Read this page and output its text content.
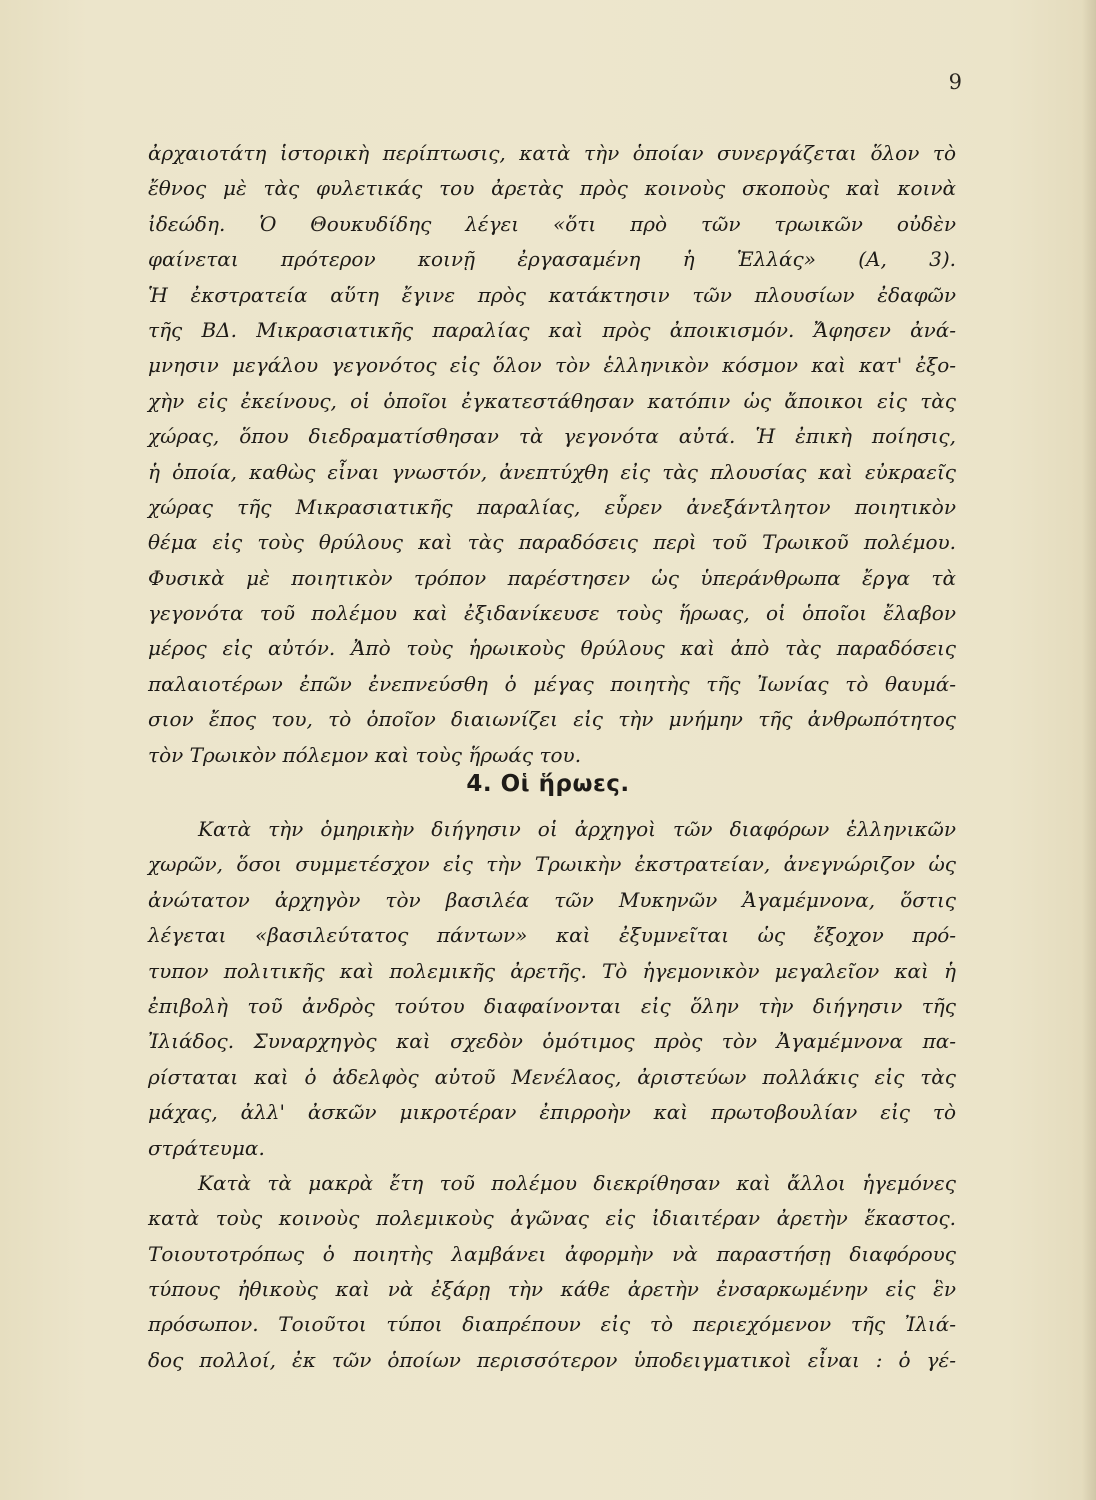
9
ἀρχαιοτάτη ἱστορικὴ περίπτωσις, κατὰ τὴν ὁποίαν συνεργάζεται ὅλον τὸ
ἔθνος μὲ τὰς φυλετικάς του ἀρετὰς πρὸς κοινοὺς σκοποὺς καὶ κοινὰ
ἰδεώδη. Ὁ Θουκυδίδης λέγει «ὅτι πρὸ τῶν τρωικῶν οὐδὲν
φαίνεται πρότερον κοινῇ ἐργασαμένη ἡ Ἑλλάς» (Α, 3).
Ἡ ἐκστρατεία αὕτη ἔγινε πρὸς κατάκτησιν τῶν πλουσίων ἐδαφῶν
τῆς ΒΔ. Μικρασιατικῆς παραλίας καὶ πρὸς ἀποικισμόν. Ἄφησεν ἀνά-
μνησιν μεγάλου γεγονότος εἰς ὅλον τὸν ἑλληνικὸν κόσμον καὶ κατ' ἐξο-
χὴν εἰς ἐκείνους, οἱ ὁποῖοι ἐγκατεστάθησαν κατόπιν ὡς ἄποικοι εἰς τὰς
χώρας, ὅπου διεδραματίσθησαν τὰ γεγονότα αὐτά. Ἡ ἐπικὴ ποίησις,
ἡ ὁποία, καθὼς εἶναι γνωστόν, ἀνεπτύχθη εἰς τὰς πλουσίας καὶ εὐκραεῖς
χώρας τῆς Μικρασιατικῆς παραλίας, εὗρεν ἀνεξάντλητον ποιητικὸν
θέμα εἰς τοὺς θρύλους καὶ τὰς παραδόσεις περὶ τοῦ Τρωικοῦ πολέμου.
Φυσικὰ μὲ ποιητικὸν τρόπον παρέστησεν ὡς ὑπεράνθρωπα ἔργα τὰ
γεγονότα τοῦ πολέμου καὶ ἐξιδανίκευσε τοὺς ἥρωας, οἱ ὁποῖοι ἔλαβον
μέρος εἰς αὐτόν. Ἀπὸ τοὺς ἡρωικοὺς θρύλους καὶ ἀπὸ τὰς παραδόσεις
παλαιοτέρων ἐπῶν ἐνεπνεύσθη ὁ μέγας ποιητὴς τῆς Ἰωνίας τὸ θαυμά-
σιον ἔπος του, τὸ ὁποῖον διαιωνίζει εἰς τὴν μνήμην τῆς ἀνθρωπότητος
τὸν Τρωικὸν πόλεμον καὶ τοὺς ἥρωάς του.
4. Οἱ ἥρωες.
Κατὰ τὴν ὁμηρικὴν διήγησιν οἱ ἀρχηγοὶ τῶν διαφόρων ἑλληνικῶν
χωρῶν, ὅσοι συμμετέσχον εἰς τὴν Τρωικὴν ἐκστρατείαν, ἀνεγνώριζον ὡς
ἀνώτατον ἀρχηγὸν τὸν βασιλέα τῶν Μυκηνῶν Ἀγαμέμνονα, ὅστις
λέγεται «βασιλεύτατος πάντων» καὶ ἐξυμνεῖται ὡς ἔξοχον πρό-
τυπον πολιτικῆς καὶ πολεμικῆς ἀρετῆς. Τὸ ἡγεμονικὸν μεγαλεῖον καὶ ἡ
ἐπιβολὴ τοῦ ἀνδρὸς τούτου διαφαίνονται εἰς ὅλην τὴν διήγησιν τῆς
Ἰλιάδος. Συναρχηγὸς καὶ σχεδὸν ὁμότιμος πρὸς τὸν Ἀγαμέμνονα πα-
ρίσταται καὶ ὁ ἀδελφὸς αὐτοῦ Μενέλαος, ἀριστεύων πολλάκις εἰς τὰς
μάχας, ἀλλ' ἀσκῶν μικροτέραν ἐπιρροὴν καὶ πρωτοβουλίαν εἰς τὸ
στράτευμα.
Κατὰ τὰ μακρὰ ἔτη τοῦ πολέμου διεκρίθησαν καὶ ἄλλοι ἡγεμόνες
κατὰ τοὺς κοινοὺς πολεμικοὺς ἀγῶνας εἰς ἰδιαιτέραν ἀρετὴν ἕκαστος.
Τοιουτοτρόπως ὁ ποιητὴς λαμβάνει ἀφορμὴν νὰ παραστήσῃ διαφόρους
τύπους ἠθικοὺς καὶ νὰ ἐξάρῃ τὴν κάθε ἀρετὴν ἐνσαρκωμένην εἰς ἓν
πρόσωπον. Τοιοῦτοι τύποι διαπρέπουν εἰς τὸ περιεχόμενον τῆς Ἰλιά-
δος πολλοί, ἐκ τῶν ὁποίων περισσότερον ὑποδειγματικοὶ εἶναι : ὁ γέ-
